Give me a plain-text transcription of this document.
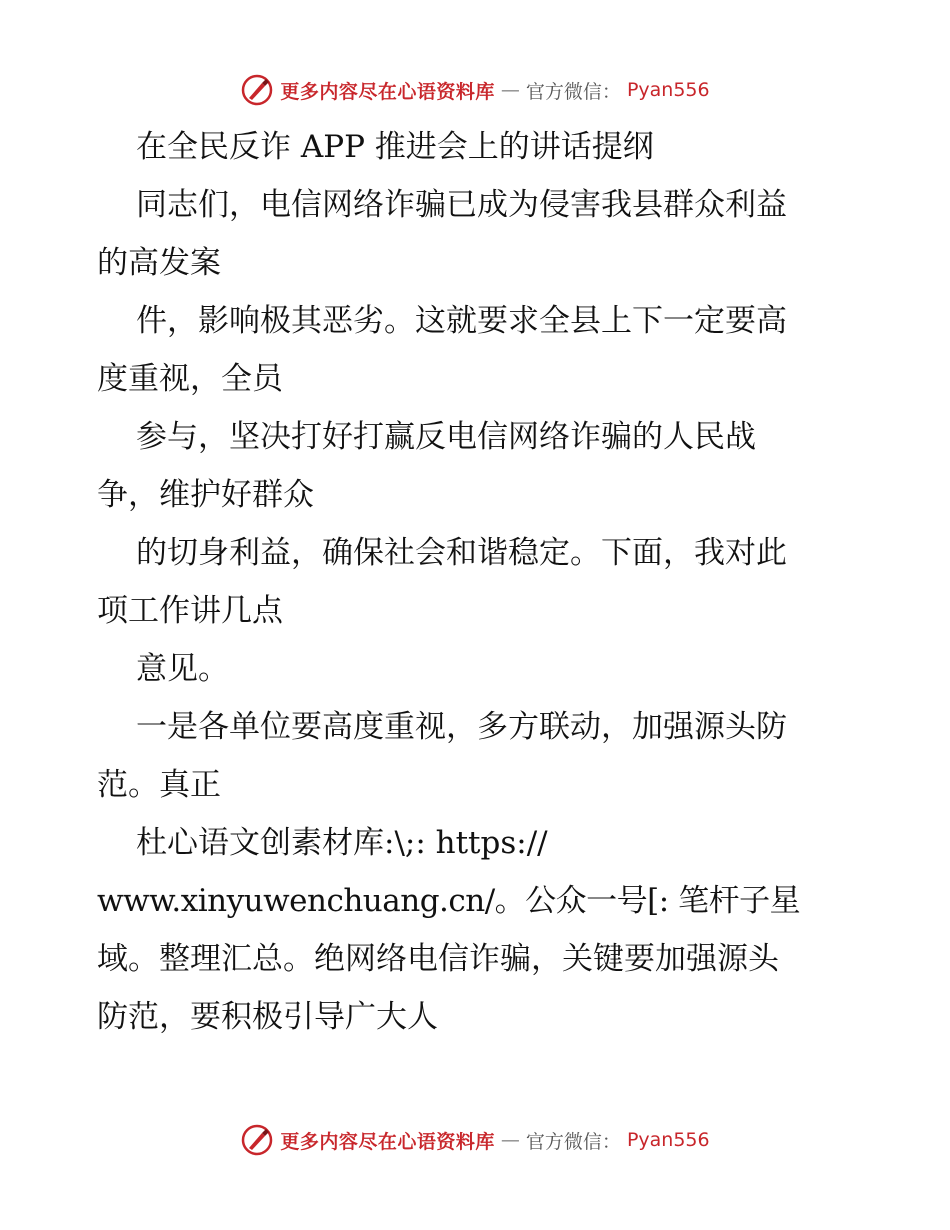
更多内容尽在心语资料库 — 官方微信： Pyan556
在全民反诈 APP 推进会上的讲话提纲
同志们，电信网络诈骗已成为侵害我县群众利益
的高发案
件，影响极其恶劣。这就要求全县上下一定要高
度重视，全员
参与，坚决打好打赢反电信网络诈骗的人民战
争，维护好群众
的切身利益，确保社会和谐稳定。下面，我对此
项工作讲几点
意见。
一是各单位要高度重视，多方联动，加强源头防
范。真正
杜心语文创素材库:\;: https://
www.xinyuwenchuang.cn/。公众一号[: 笔杆子星
域。整理汇总。绝网络电信诈骗，关键要加强源头
防范，要积极引导广大人
更多内容尽在心语资料库 — 官方微信： Pyan556
